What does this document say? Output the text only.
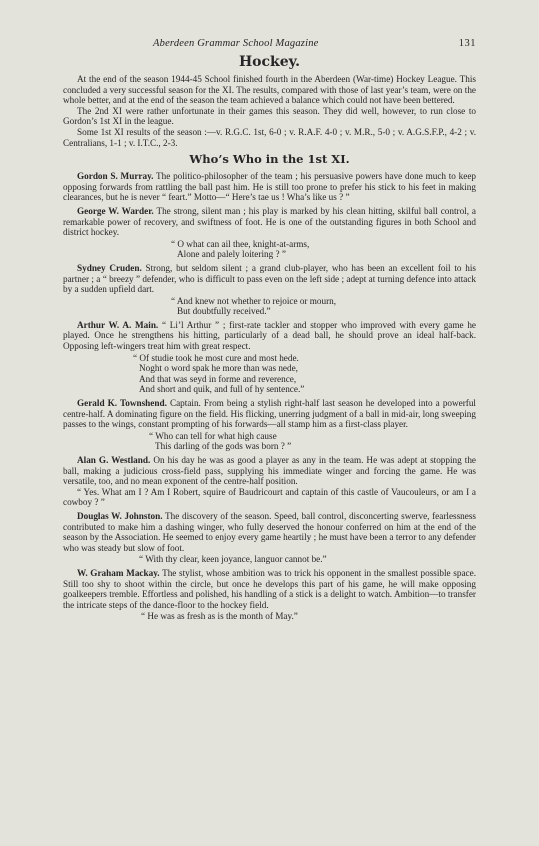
Aberdeen Grammar School Magazine	131
Hockey.

At the end of the season 1944-45 School finished fourth in the Aberdeen (War-time) Hockey League. This concluded a very successful season for the XI. The results, compared with those of last year’s team, were on the whole better, and at the end of the season the team achieved a balance which could not have been bettered.

The 2nd XI were rather unfortunate in their games this season. They did well, however, to run close to Gordon’s 1st XI in the league.

Some 1st XI results of the season :—v. R.G.C. 1st, 6-0 ; v. R.A.F. 4-0 ; v. M.R., 5-0 ; v. A.G.S.F.P., 4-2 ; v. Centralians, 1-1 ; v. I.T.C., 2-3.

Who’s Who in the 1st XI.

Gordon S. Murray. The politico-philosopher of the team ; his persuasive powers have done much to keep opposing forwards from rattling the ball past him. He is still too prone to prefer his stick to his feet in making clearances, but he is never “ feart.” Motto—“ Here’s tae us ! Wha’s like us ? ”

George W. Warder. The strong, silent man ; his play is marked by his clean hitting, skilful ball control, a remarkable power of recovery, and swiftness of foot. He is one of the outstanding figures in both School and district hockey.

“ O what can ail thee, knight-at-arms,
Alone and palely loitering ? ”

Sydney Cruden. Strong, but seldom silent ; a grand club-player, who has been an excellent foil to his partner ; a “ breezy ” defender, who is difficult to pass even on the left side ; adept at turning defence into attack by a sudden upfield dart.

“ And knew not whether to rejoice or mourn,
But doubtfully received.”

Arthur W. A. Main. “ Li’l Arthur ” ; first-rate tackler and stopper who improved with every game he played. Once he strengthens his hitting, particularly of a dead ball, he should prove an ideal half-back. Opposing left-wingers treat him with great respect.

“ Of studie took he most cure and most hede.
Noght o word spak he more than was nede,
And that was seyd in forme and reverence,
And short and quik, and full of hy sentence.”

Gerald K. Townshend. Captain. From being a stylish right-half last season he developed into a powerful centre-half. A dominating figure on the field. His flicking, unerring judgment of a ball in mid-air, long sweeping passes to the wings, constant prompting of his forwards—all stamp him as a first-class player.

“ Who can tell for what high cause
This darling of the gods was born ? ”

Alan G. Westland. On his day he was as good a player as any in the team. He was adept at stopping the ball, making a judicious cross-field pass, supplying his immediate winger and forcing the game. He was versatile, too, and no mean exponent of the centre-half position.

“ Yes. What am I ? Am I Robert, squire of Baudricourt and captain of this castle of Vaucouleurs, or am I a cowboy ? ”

Douglas W. Johnston. The discovery of the season. Speed, ball control, disconcerting swerve, fearlessness contributed to make him a dashing winger, who fully deserved the honour conferred on him at the end of the season by the Association. He seemed to enjoy every game heartily ; he must have been a terror to any defender who was steady but slow of foot.

“ With thy clear, keen joyance, languor cannot be.”

W. Graham Mackay. The stylist, whose ambition was to trick his opponent in the smallest possible space. Still too shy to shoot within the circle, but once he develops this part of his game, he will make opposing goalkeepers tremble. Effortless and polished, his handling of a stick is a delight to watch. Ambition—to transfer the intricate steps of the dance-floor to the hockey field.

“ He was as fresh as is the month of May.”
